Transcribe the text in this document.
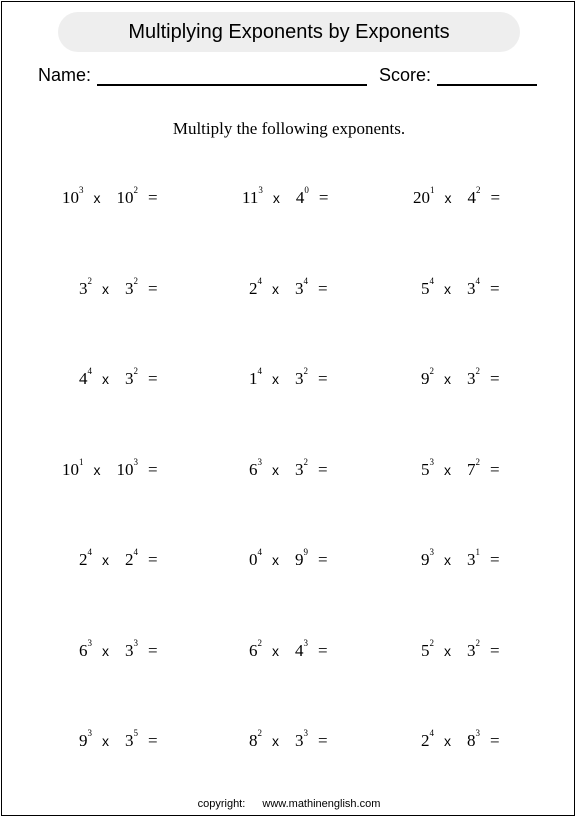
Multiplying Exponents by Exponents
Name:	Score:
Multiply the following exponents.
$10^3$ x $10^2$ =	$11^3$ x $4^0$ =	$20^1$ x $4^2$ =
$3^2$ x $3^2$ =	$2^4$ x $3^4$ =	$5^4$ x $3^4$ =
$4^4$ x $3^2$ =	$1^4$ x $3^2$ =	$9^2$ x $3^2$ =
$10^1$ x $10^3$ =	$6^3$ x $3^2$ =	$5^3$ x $7^2$ =
$2^4$ x $2^4$ =	$0^4$ x $9^9$ =	$9^3$ x $3^1$ =
$6^3$ x $3^3$ =	$6^2$ x $4^3$ =	$5^2$ x $3^2$ =
$9^3$ x $3^5$ =	$8^2$ x $3^3$ =	$2^4$ x $8^3$ =
copyright: www.mathinenglish.com
